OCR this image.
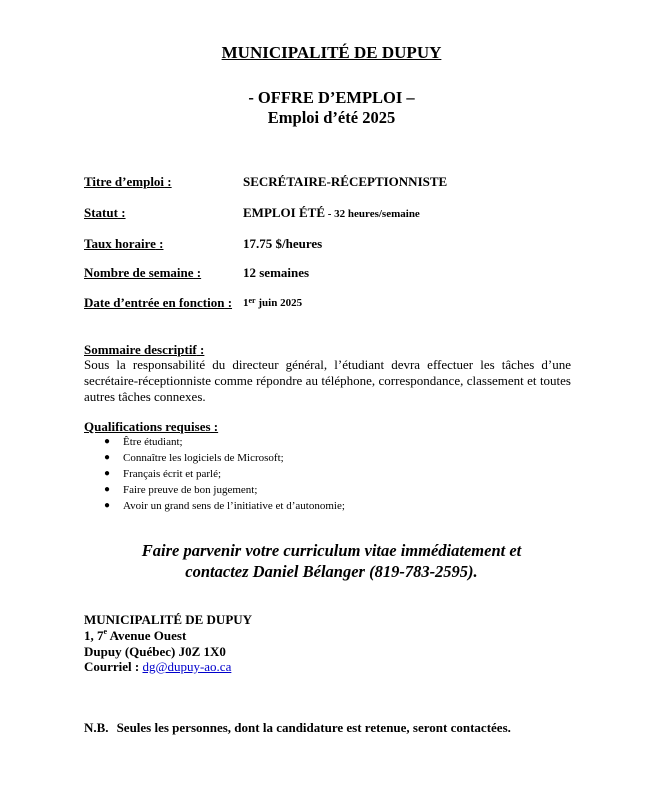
MUNICIPALITÉ DE DUPUY
- OFFRE D’EMPLOI –
Emploi d’été 2025
Titre d’emploi :	SECRÉTAIRE-RÉCEPTIONNISTE
Statut :	EMPLOI ÉTÉ - 32 heures/semaine
Taux horaire :	17.75 $/heures
Nombre de semaine :	12 semaines
Date d’entrée en fonction : 1er juin 2025
Sommaire descriptif :

Sous la responsabilité du directeur général, l’étudiant devra effectuer les tâches d’une secrétaire-réceptionniste comme répondre au téléphone, correspondance, classement et toutes autres tâches connexes.

Qualifications requises :
● Être étudiant;
● Connaître les logiciels de Microsoft;
● Français écrit et parlé;
● Faire preuve de bon jugement;
● Avoir un grand sens de l’initiative et d’autonomie;
Faire parvenir votre curriculum vitae immédiatement et
contactez Daniel Bélanger (819-783-2595).
MUNICIPALITÉ DE DUPUY
1, 7e Avenue Ouest
Dupuy (Québec) J0Z 1X0
Courriel : dg@dupuy-ao.ca
N.B. Seules les personnes, dont la candidature est retenue, seront contactées.
